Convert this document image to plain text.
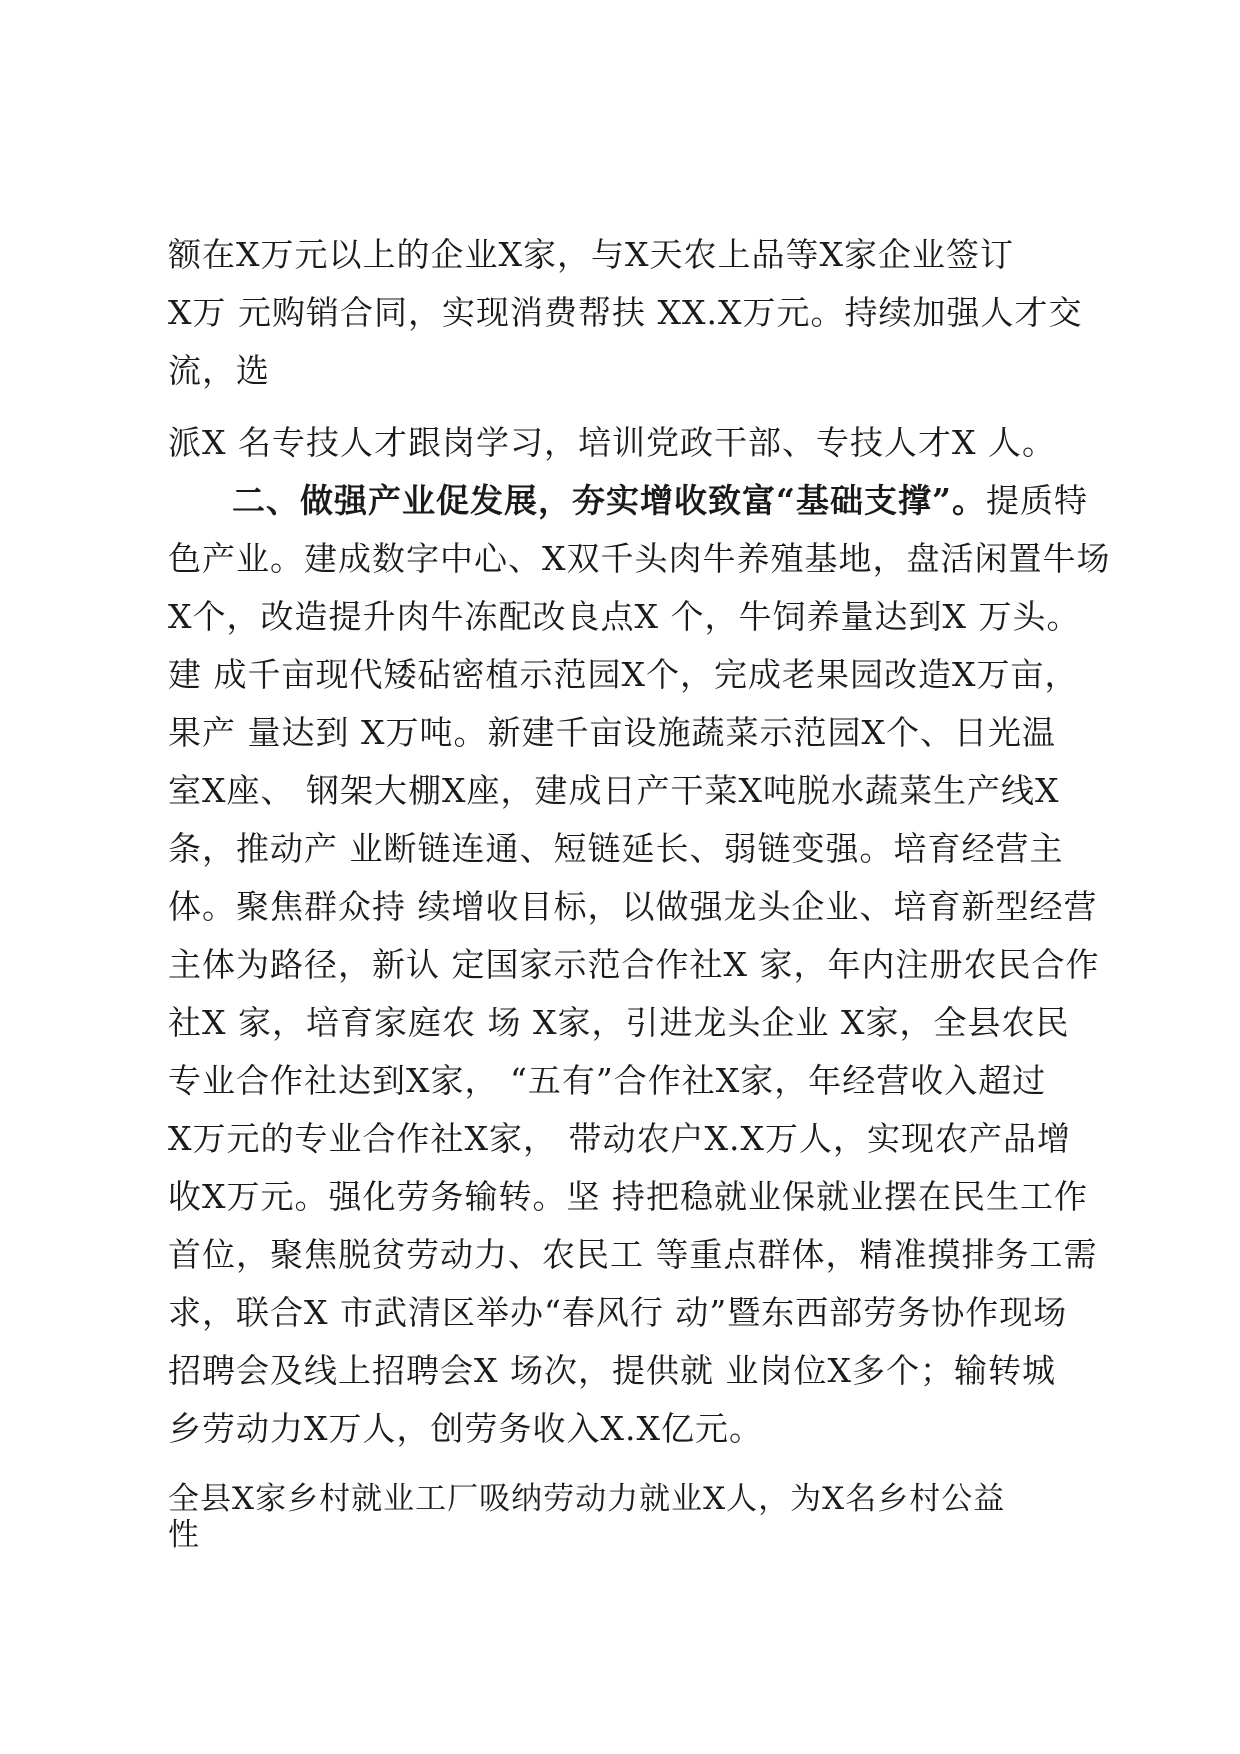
额在X万元以上的企业X家，与X天农上品等X家企业签订
X万 元购销合同，实现消费帮扶 XX.X万元。持续加强人才交
流，选
派X 名专技人才跟岗学习，培训党政干部、专技人才X 人。
二、做强产业促发展，夯实增收致富“基础支撑”。提质特
色产业。建成数字中心、X双千头肉牛养殖基地，盘活闲置牛场
X个，改造提升肉牛冻配改良点X 个，牛饲养量达到X 万头。
建 成千亩现代矮砧密植示范园X个，完成老果园改造X万亩，
果产 量达到 X万吨。新建千亩设施蔬菜示范园X个、日光温
室X座、 钢架大棚X座，建成日产干菜X吨脱水蔬菜生产线X
条，推动产 业断链连通、短链延长、弱链变强。培育经营主
体。聚焦群众持 续增收目标，以做强龙头企业、培育新型经营
主体为路径，新认 定国家示范合作社X 家，年内注册农民合作
社X 家，培育家庭农 场 X家，引进龙头企业 X家，全县农民
专业合作社达到X家， “五有”合作社X家，年经营收入超过
X万元的专业合作社X家， 带动农户X.X万人，实现农产品增
收X万元。强化劳务输转。坚 持把稳就业保就业摆在民生工作
首位，聚焦脱贫劳动力、农民工 等重点群体，精准摸排务工需
求，联合X 市武清区举办“春风行 动”暨东西部劳务协作现场
招聘会及线上招聘会X 场次，提供就 业岗位X多个；输转城
乡劳动力X万人，创劳务收入X.X亿元。
全县X家乡村就业工厂吸纳劳动力就业X人，为X名乡村公益
性
